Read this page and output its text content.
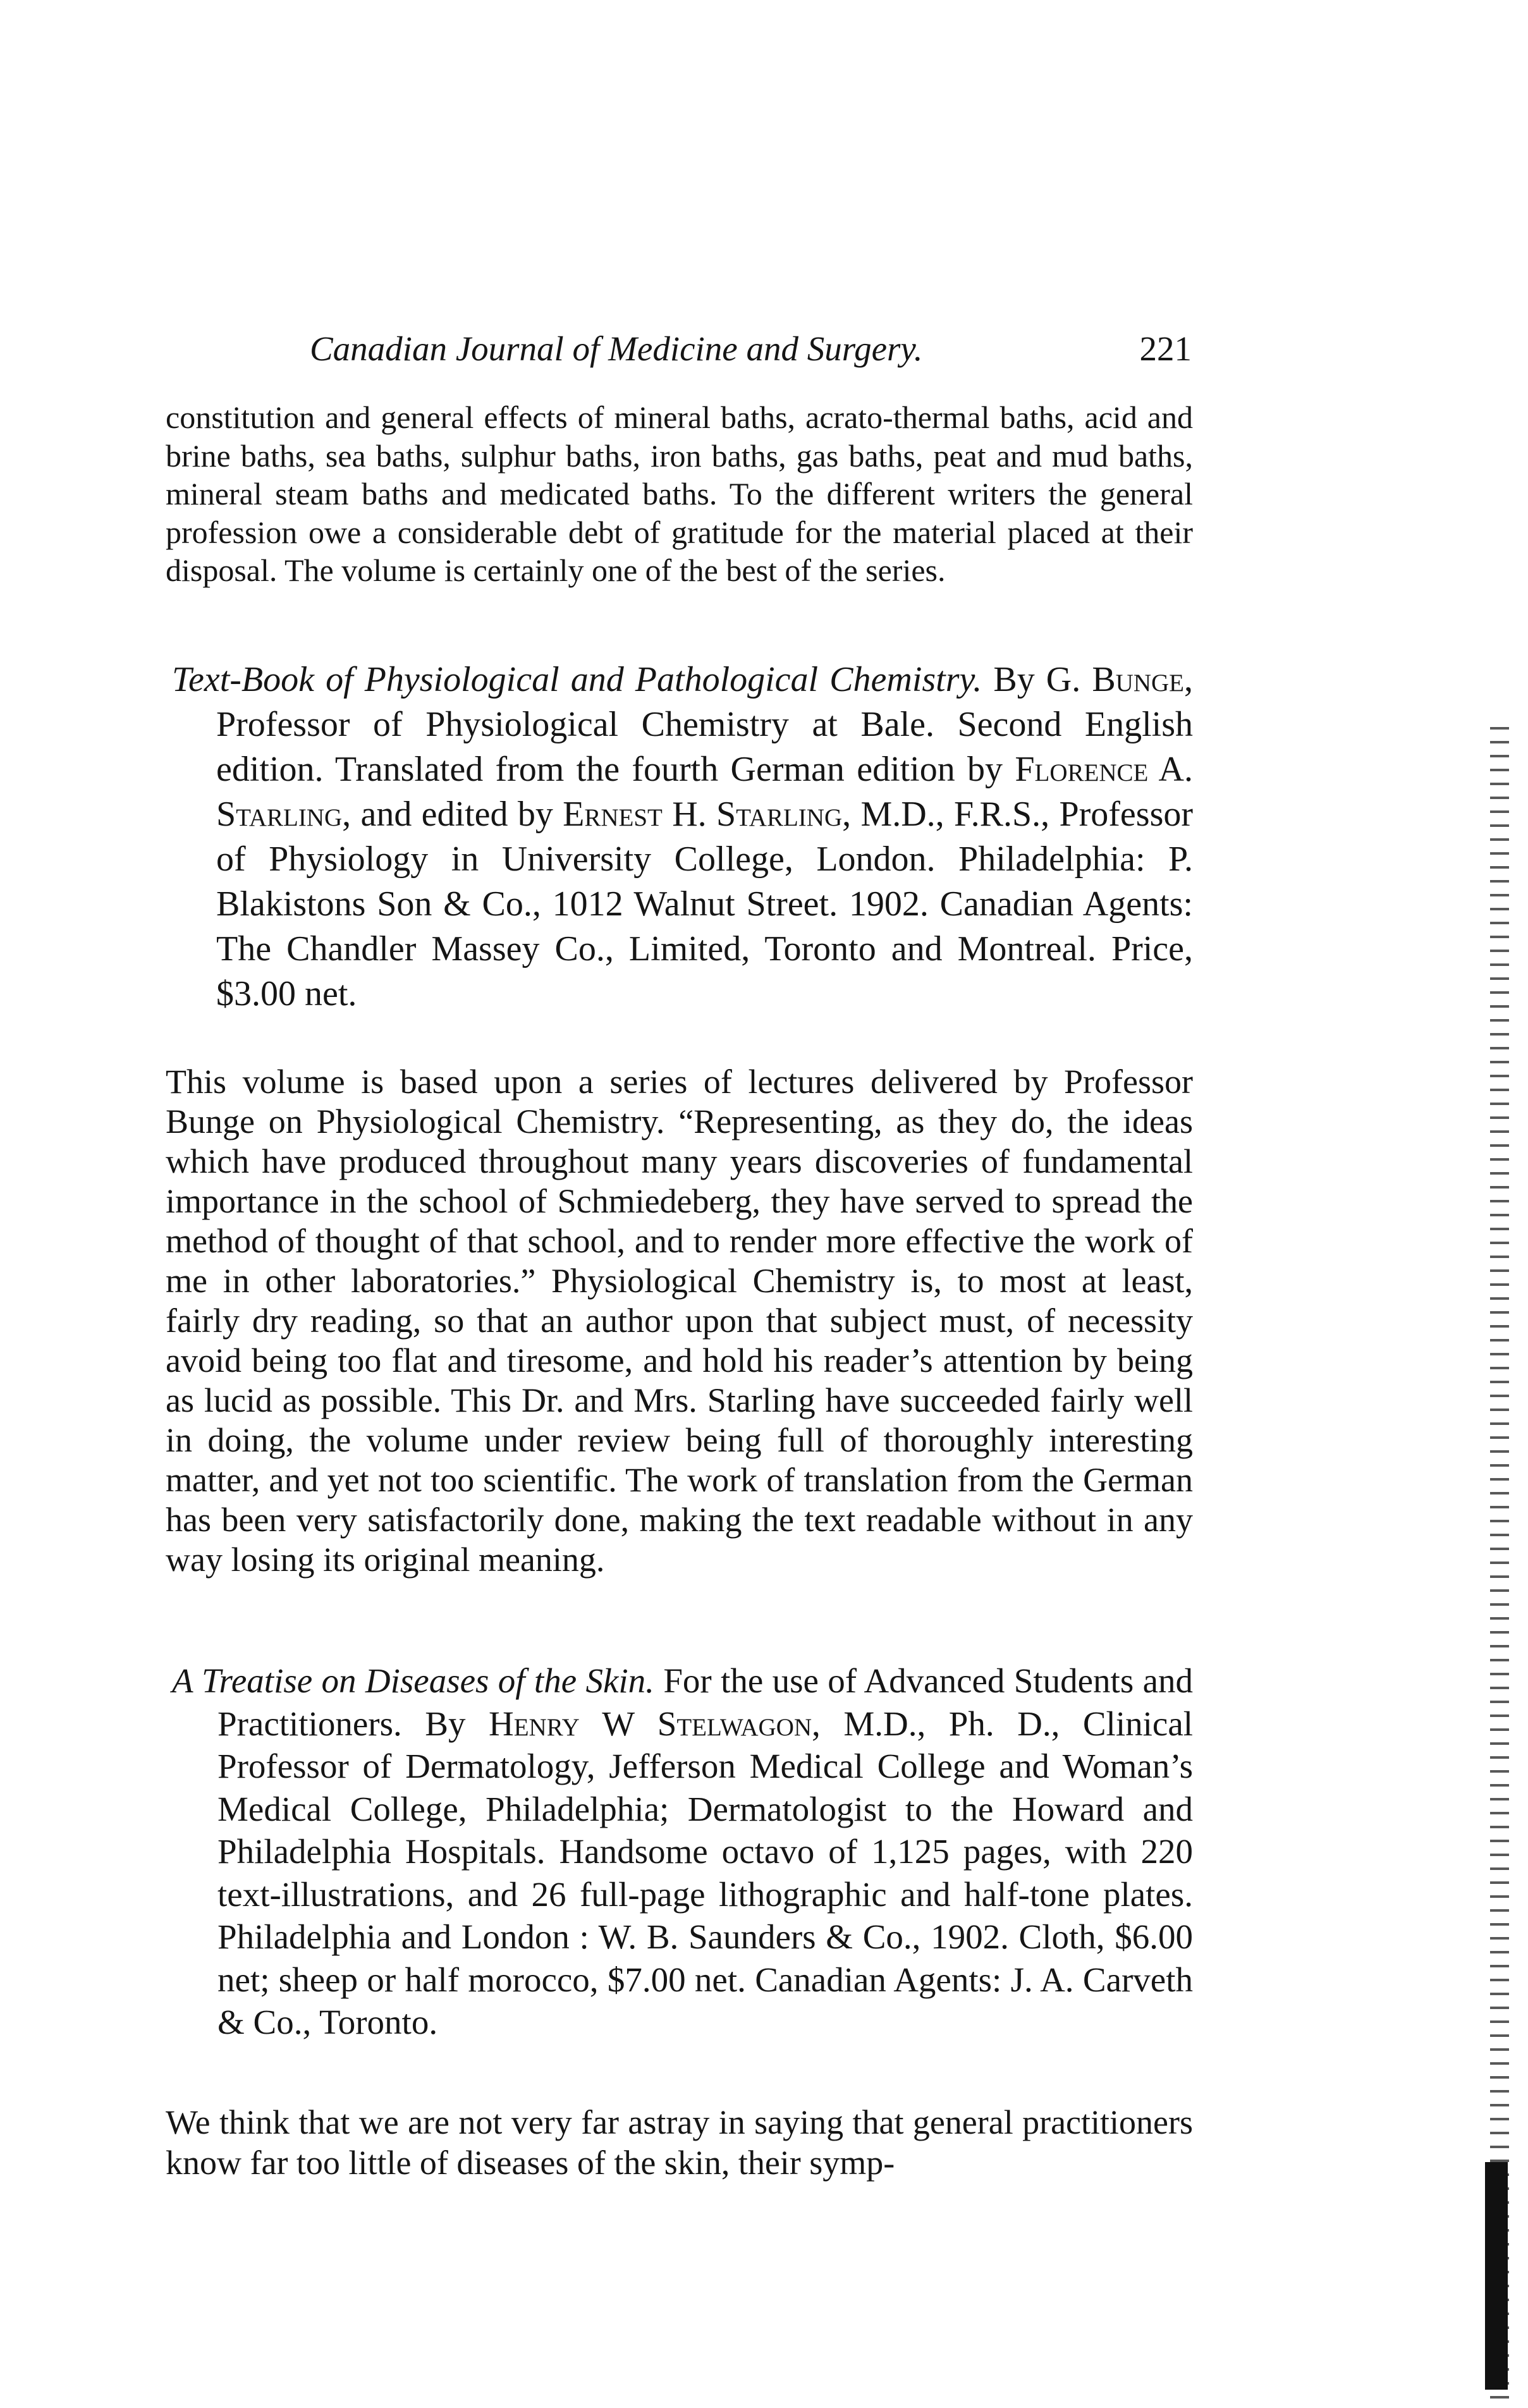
Canadian Journal of Medicine and Surgery.	221

constitution and general effects of mineral baths, acrato-thermal baths, acid and brine baths, sea baths, sulphur baths, iron baths, gas baths, peat and mud baths, mineral steam baths and medicated baths. To the different writers the general profession owe a considerable debt of gratitude for the material placed at their disposal. The volume is certainly one of the best of the series.

Text-Book of Physiological and Pathological Chemistry. By G. Bunge, Professor of Physiological Chemistry at Bale. Second English edition. Translated from the fourth German edition by Florence A. Starling, and edited by Ernest H. Starling, M.D., F.R.S., Professor of Physiology in University College, London. Philadelphia: P. Blakistons Son & Co., 1012 Walnut Street. 1902. Canadian Agents: The Chandler Massey Co., Limited, Toronto and Montreal. Price, $3.00 net.

This volume is based upon a series of lectures delivered by Professor Bunge on Physiological Chemistry. “Representing, as they do, the ideas which have produced throughout many years discoveries of fundamental importance in the school of Schmiedeberg, they have served to spread the method of thought of that school, and to render more effective the work of me in other laboratories.” Physiological Chemistry is, to most at least, fairly dry reading, so that an author upon that subject must, of necessity avoid being too flat and tiresome, and hold his reader’s attention by being as lucid as possible. This Dr. and Mrs. Starling have succeeded fairly well in doing, the volume under review being full of thoroughly interesting matter, and yet not too scientific. The work of translation from the German has been very satisfactorily done, making the text readable without in any way losing its original meaning.

A Treatise on Diseases of the Skin. For the use of Advanced Students and Practitioners. By Henry W Stelwagon, M.D., Ph. D., Clinical Professor of Dermatology, Jefferson Medical College and Woman’s Medical College, Philadelphia; Dermatologist to the Howard and Philadelphia Hospitals. Handsome octavo of 1,125 pages, with 220 text-illustrations, and 26 full-page lithographic and half-tone plates. Philadelphia and London : W. B. Saunders & Co., 1902. Cloth, $6.00 net; sheep or half morocco, $7.00 net. Canadian Agents: J. A. Carveth & Co., Toronto.

We think that we are not very far astray in saying that general practitioners know far too little of diseases of the skin, their symp-
